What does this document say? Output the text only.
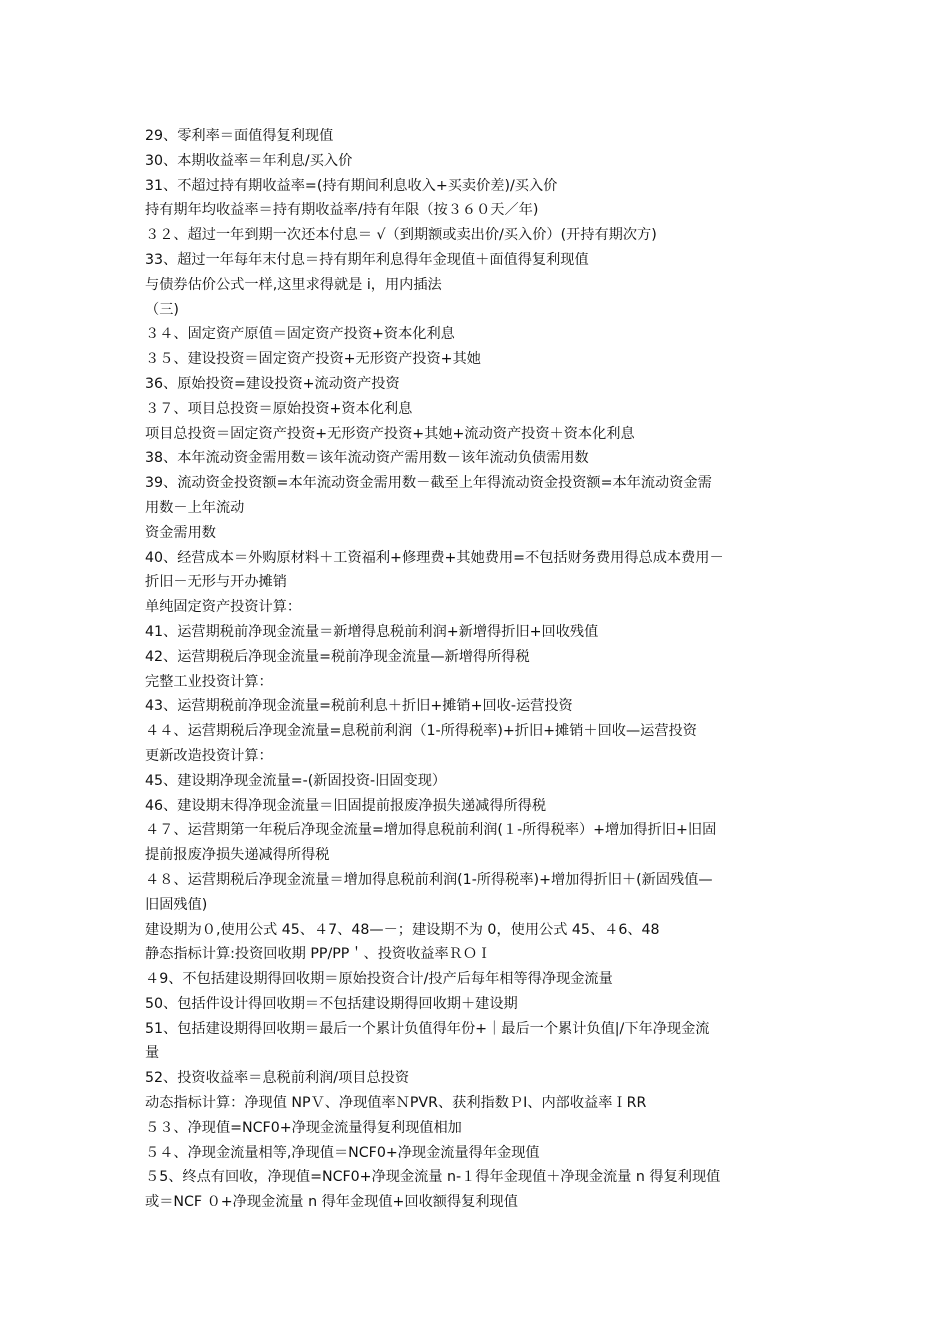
29、零利率＝面值得复利现值

30、本期收益率＝年利息/买入价

31、不超过持有期收益率=(持有期间利息收入+买卖价差)/买入价

持有期年均收益率＝持有期收益率/持有年限（按３６０天／年)

３２、超过一年到期一次还本付息＝ √（到期额或卖出价/买入价）(开持有期次方)

33、超过一年每年末付息＝持有期年利息得年金现值＋面值得复利现值

与债券估价公式一样,这里求得就是 i，用内插法

（三)

３４、固定资产原值＝固定资产投资+资本化利息

３５、建设投资＝固定资产投资+无形资产投资+其她

36、原始投资=建设投资+流动资产投资

３７、项目总投资＝原始投资+资本化利息

项目总投资＝固定资产投资+无形资产投资+其她+流动资产投资＋资本化利息

38、本年流动资金需用数＝该年流动资产需用数－该年流动负债需用数

39、流动资金投资额=本年流动资金需用数－截至上年得流动资金投资额=本年流动资金需

用数－上年流动

资金需用数

40、经营成本＝外购原材料＋工资福利+修理费+其她费用=不包括财务费用得总成本费用－

折旧－无形与开办摊销

单纯固定资产投资计算：

41、运营期税前净现金流量＝新增得息税前利润+新增得折旧+回收残值

42、运营期税后净现金流量=税前净现金流量—新增得所得税

完整工业投资计算：

43、运营期税前净现金流量=税前利息＋折旧+摊销+回收-运营投资

４４、运营期税后净现金流量=息税前利润（1-所得税率)+折旧+摊销＋回收—运营投资

更新改造投资计算：

45、建设期净现金流量=-(新固投资-旧固变现）

46、建设期末得净现金流量＝旧固提前报废净损失递减得所得税

４７、运营期第一年税后净现金流量=增加得息税前利润(１-所得税率）+增加得折旧+旧固

提前报废净损失递减得所得税

４８、运营期税后净现金流量＝增加得息税前利润(1-所得税率)+增加得折旧＋(新固残值—

旧固残值)

建设期为０,使用公式 45、４7、48—－；建设期不为 0，使用公式 45、４6、48

静态指标计算:投资回收期 PP/PP＇、投资收益率ＲＯＩ

４9、不包括建设期得回收期＝原始投资合计/投产后每年相等得净现金流量

50、包括件设计得回收期＝不包括建设期得回收期＋建设期

51、包括建设期得回收期＝最后一个累计负值得年份+｜最后一个累计负值|/下年净现金流

量

52、投资收益率＝息税前利润/项目总投资

动态指标计算：净现值 NPＶ、净现值率ＮPVR、获利指数ＰI、内部收益率ＩRR

５３、净现值=NCF0+净现金流量得复利现值相加

５４、净现金流量相等,净现值＝NCF0+净现金流量得年金现值

５5、终点有回收，净现值=NCF0+净现金流量 n-１得年金现值＋净现金流量 n 得复利现值

或＝NCF ０+净现金流量 n 得年金现值+回收额得复利现值
